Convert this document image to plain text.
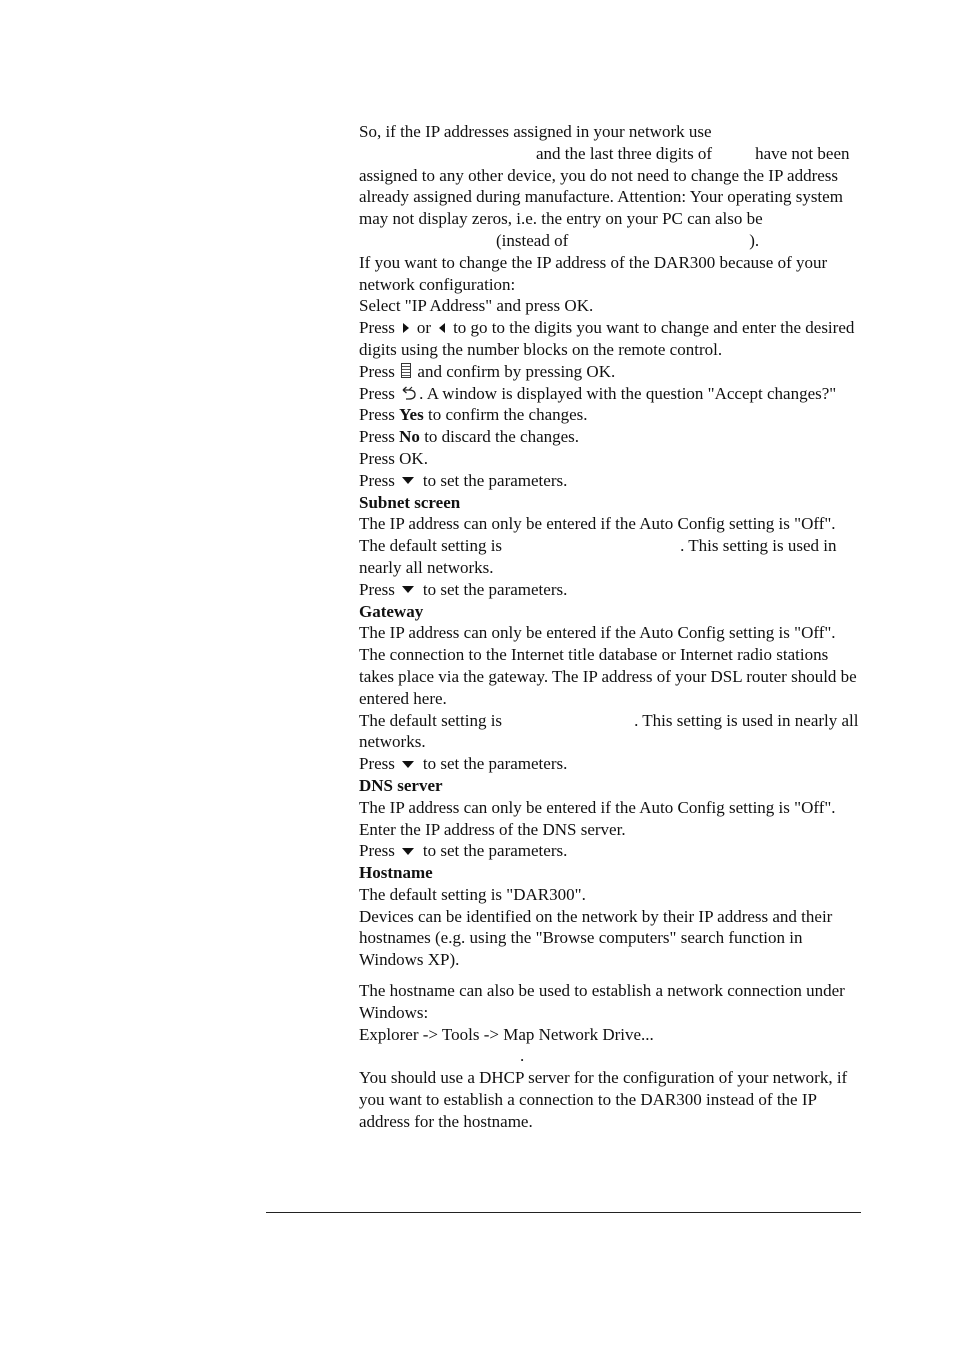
So, if the IP addresses assigned in your network use
and the last three digits of	have not been assigned to any other device, you do not need to change the IP address already assigned during manufacture. Attention: Your operating system may not display zeros, i.e. the entry on your PC can also be(instead of	).

If you want to change the IP address of the DAR300 because of your network configuration:

Select "IP Address" and press OK.

Press or to go to the digits you want to change and enter the desired digits using the number blocks on the remote control.

Press and confirm by pressing OK.

Press . A window is displayed with the question "Accept changes?"

Press Yes to confirm the changes.

Press No to discard the changes.

Press OK.

Press to set the parameters.

Subnet screen

The IP address can only be entered if the Auto Config setting is "Off".

The default setting is	. This setting is used in nearly all networks.

Press to set the parameters.

Gateway

The IP address can only be entered if the Auto Config setting is "Off". The connection to the Internet title database or Internet radio stations takes place via the gateway. The IP address of your DSL router should be entered here.

The default setting is	. This setting is used in nearly all networks.

Press to set the parameters.

DNS server

The IP address can only be entered if the Auto Config setting is "Off".

Enter the IP address of the DNS server.

Press to set the parameters.

Hostname

The default setting is "DAR300".

Devices can be identified on the network by their IP address and their hostnames (e.g. using the "Browse computers" search function in Windows XP).

The hostname can also be used to establish a network connection under Windows:

Explorer -> Tools -> Map Network Drive...

.

You should use a DHCP server for the configuration of your network, if you want to establish a connection to the DAR300 instead of the IP address for the hostname.
